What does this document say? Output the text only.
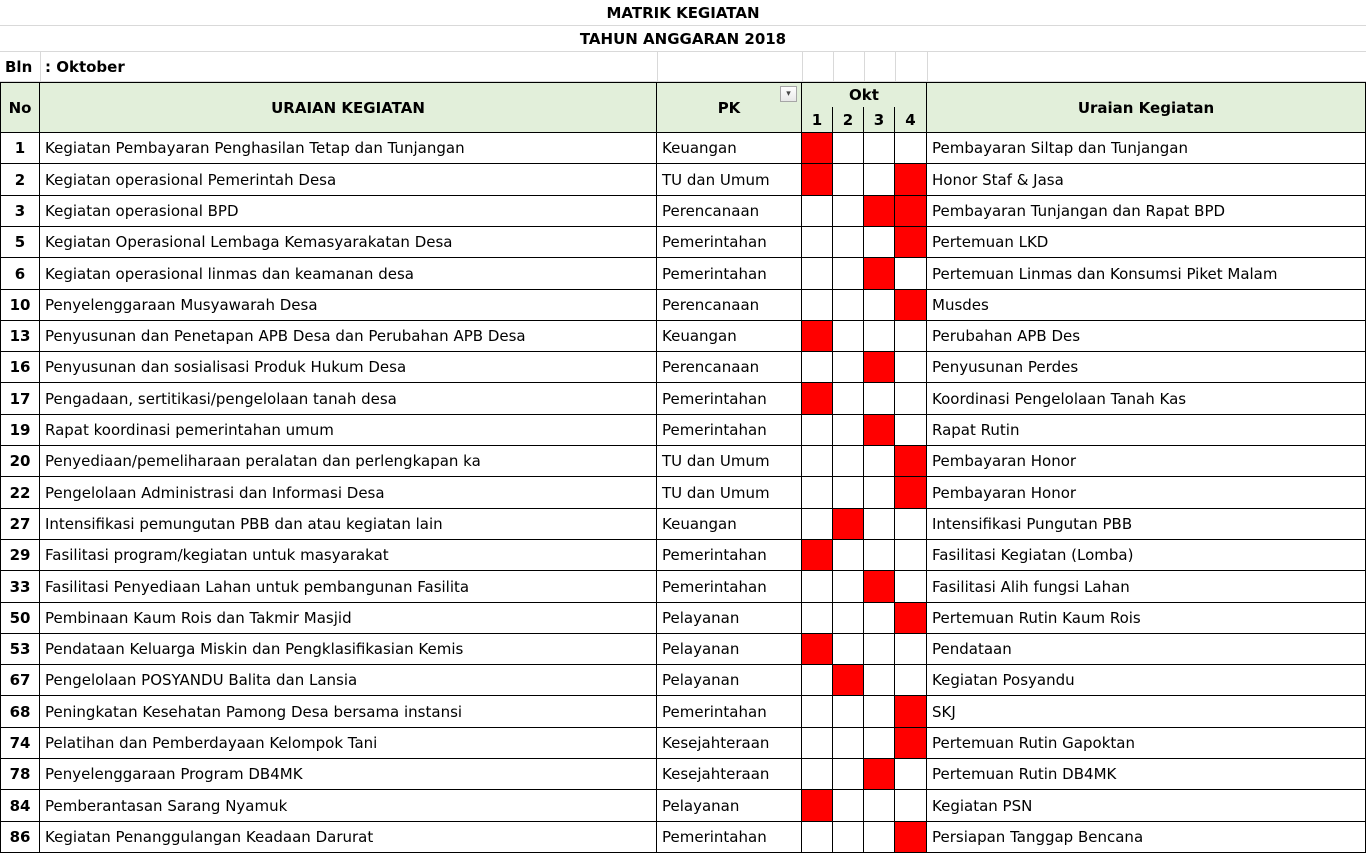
MATRIK KEGIATAN
TAHUN ANGGARAN 2018
Bln : Oktober
No	URAIAN KEGIATAN	PK
Okt
1	2	3	4
Uraian Kegiatan
▾
1	Kegiatan Pembayaran Penghasilan Tetap dan Tunjangan	Keuangan	Pembayaran Siltap dan Tunjangan
2	Kegiatan operasional Pemerintah Desa	TU dan Umum	Honor Staf & Jasa
3	Kegiatan operasional BPD	Perencanaan	Pembayaran Tunjangan dan Rapat BPD
5	Kegiatan Operasional Lembaga Kemasyarakatan Desa	Pemerintahan	Pertemuan LKD
6	Kegiatan operasional linmas dan keamanan desa	Pemerintahan	Pertemuan Linmas dan Konsumsi Piket Malam
10 Penyelenggaraan Musyawarah Desa	Perencanaan	Musdes
13 Penyusunan dan Penetapan APB Desa dan Perubahan APB Desa	Keuangan	Perubahan APB Des
16 Penyusunan dan sosialisasi Produk Hukum Desa	Perencanaan	Penyusunan Perdes
17 Pengadaan, sertitikasi/pengelolaan tanah desa	Pemerintahan	Koordinasi Pengelolaan Tanah Kas
19 Rapat koordinasi pemerintahan umum	Pemerintahan	Rapat Rutin
20 Penyediaan/pemeliharaan peralatan dan perlengkapan ka	TU dan Umum	Pembayaran Honor
22 Pengelolaan Administrasi dan Informasi Desa	TU dan Umum	Pembayaran Honor
27 Intensifikasi pemungutan PBB dan atau kegiatan lain	Keuangan	Intensifikasi Pungutan PBB
29 Fasilitasi program/kegiatan untuk masyarakat	Pemerintahan	Fasilitasi Kegiatan (Lomba)
33 Fasilitasi Penyediaan Lahan untuk pembangunan Fasilita	Pemerintahan	Fasilitasi Alih fungsi Lahan
50 Pembinaan Kaum Rois dan Takmir Masjid	Pelayanan	Pertemuan Rutin Kaum Rois
53 Pendataan Keluarga Miskin dan Pengklasifikasian Kemis	Pelayanan	Pendataan
67 Pengelolaan POSYANDU Balita dan Lansia	Pelayanan	Kegiatan Posyandu
68 Peningkatan Kesehatan Pamong Desa bersama instansi	Pemerintahan	SKJ
74 Pelatihan dan Pemberdayaan Kelompok Tani	Kesejahteraan	Pertemuan Rutin Gapoktan
78 Penyelenggaraan Program DB4MK	Kesejahteraan	Pertemuan Rutin DB4MK
84 Pemberantasan Sarang Nyamuk	Pelayanan	Kegiatan PSN
86 Kegiatan Penanggulangan Keadaan Darurat	Pemerintahan	Persiapan Tanggap Bencana
